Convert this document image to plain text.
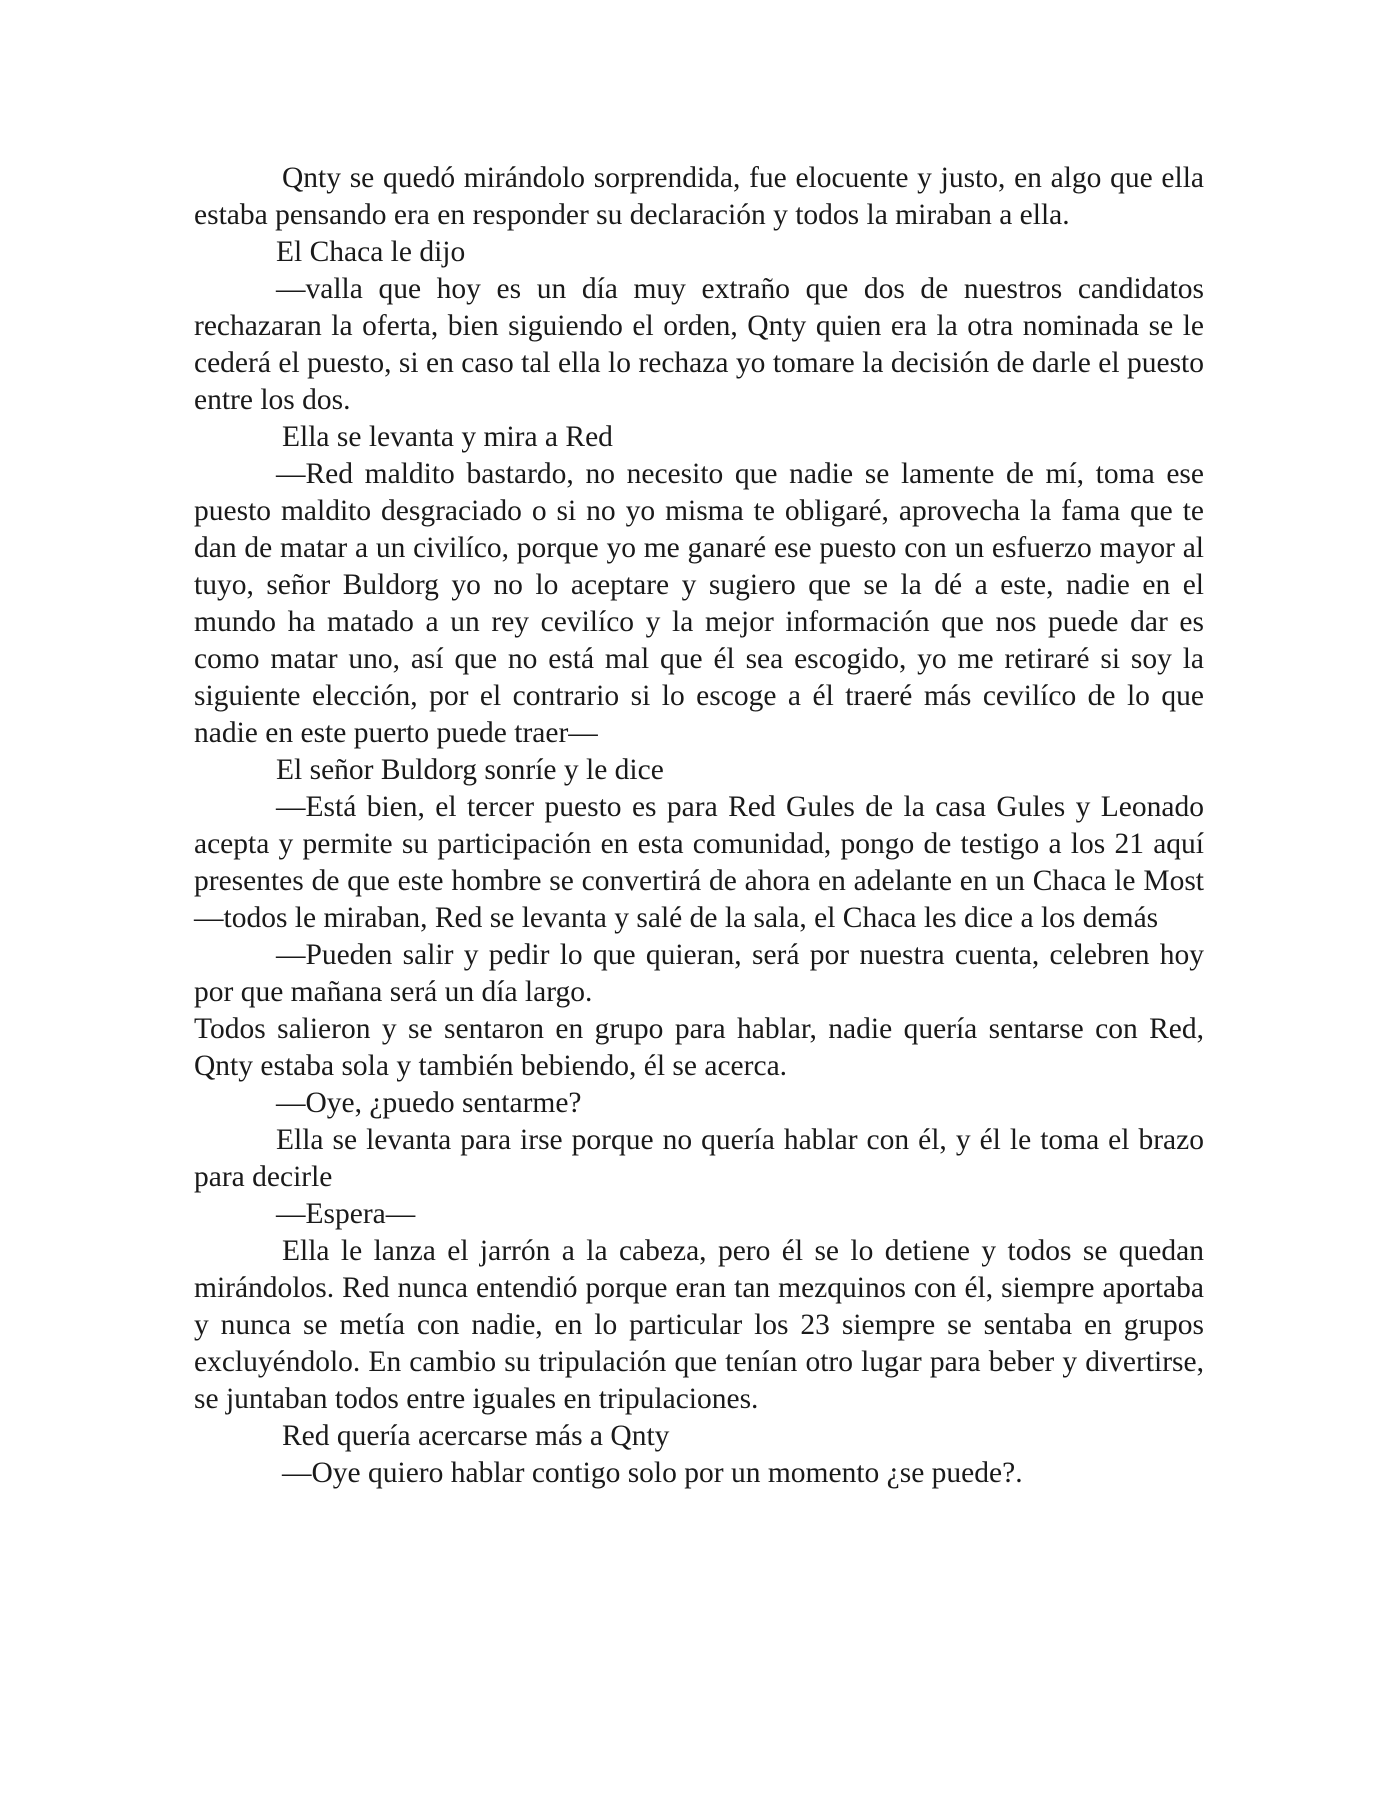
Qnty se quedó mirándolo sorprendida, fue elocuente y justo, en algo que ella estaba pensando era en responder su declaración y todos la miraban a ella.

El Chaca le dijo

—valla que hoy es un día muy extraño que dos de nuestros candidatos rechazaran la oferta, bien siguiendo el orden, Qnty quien era la otra nominada se le cederá el puesto, si en caso tal ella lo rechaza yo tomare la decisión de darle el puesto entre los dos.

Ella se levanta y mira a Red

—Red maldito bastardo, no necesito que nadie se lamente de mí, toma ese puesto maldito desgraciado o si no yo misma te obligaré, aprovecha la fama que te dan de matar a un civilíco, porque yo me ganaré ese puesto con un esfuerzo mayor al tuyo, señor Buldorg yo no lo aceptare y sugiero que se la dé a este, nadie en el mundo ha matado a un rey cevilíco y la mejor información que nos puede dar es como matar uno, así que no está mal que él sea escogido, yo me retiraré si soy la siguiente elección, por el contrario si lo escoge a él traeré más cevilíco de lo que nadie en este puerto puede traer—

El señor Buldorg sonríe y le dice

—Está bien, el tercer puesto es para Red Gules de la casa Gules y Leonado acepta y permite su participación en esta comunidad, pongo de testigo a los 21 aquí presentes de que este hombre se convertirá de ahora en adelante en un Chaca le Most —todos le miraban, Red se levanta y salé de la sala, el Chaca les dice a los demás

—Pueden salir y pedir lo que quieran, será por nuestra cuenta, celebren hoy por que mañana será un día largo.

Todos salieron y se sentaron en grupo para hablar, nadie quería sentarse con Red, Qnty estaba sola y también bebiendo, él se acerca.

—Oye, ¿puedo sentarme?

Ella se levanta para irse porque no quería hablar con él, y él le toma el brazo para decirle

—Espera—

Ella le lanza el jarrón a la cabeza, pero él se lo detiene y todos se quedan mirándolos. Red nunca entendió porque eran tan mezquinos con él, siempre aportaba y nunca se metía con nadie, en lo particular los 23 siempre se sentaba en grupos excluyéndolo. En cambio su tripulación que tenían otro lugar para beber y divertirse, se juntaban todos entre iguales en tripulaciones.

Red quería acercarse más a Qnty

—Oye quiero hablar contigo solo por un momento ¿se puede?.
